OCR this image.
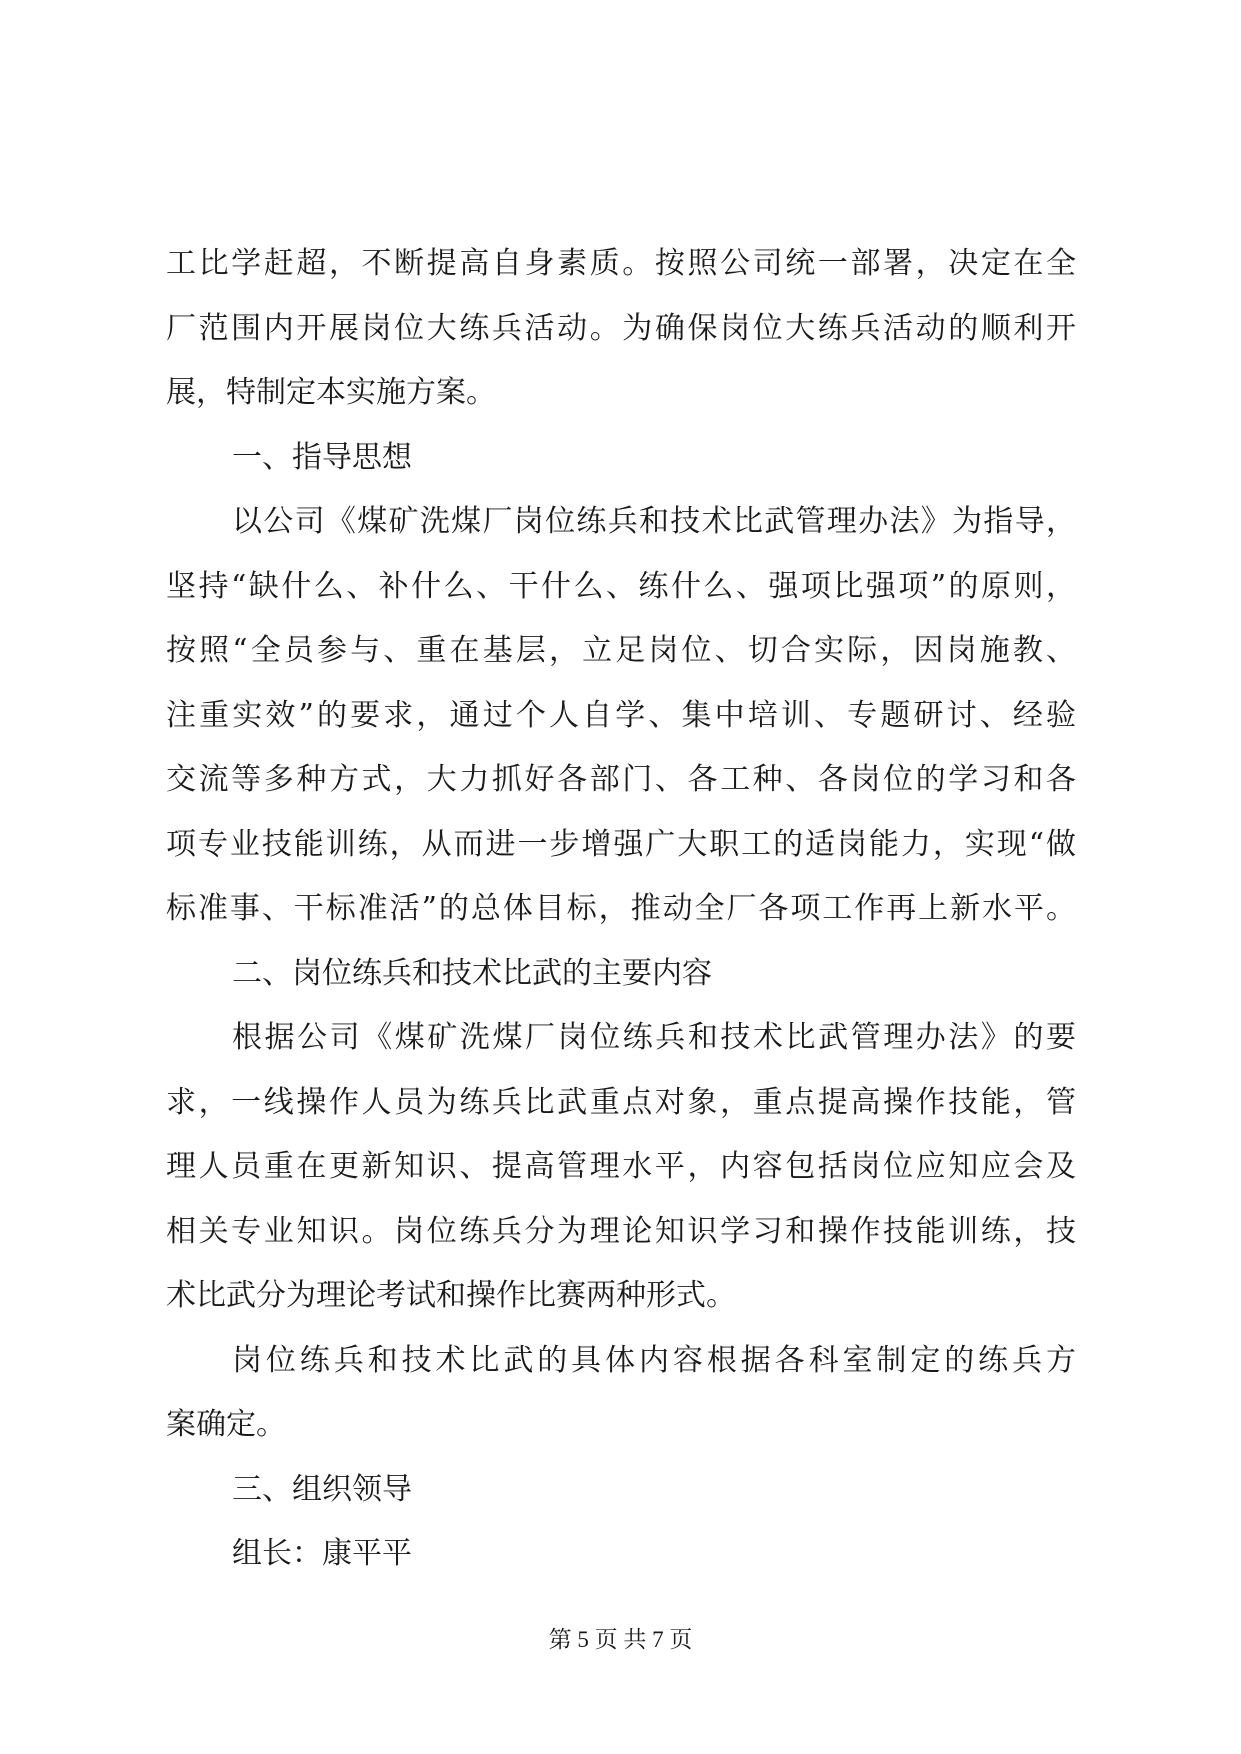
工比学赶超，不断提高自身素质。按照公司统一部署，决定在全
厂范围内开展岗位大练兵活动。为确保岗位大练兵活动的顺利开
展，特制定本实施方案。
一、指导思想
以公司《煤矿洗煤厂岗位练兵和技术比武管理办法》为指导，
坚持“缺什么、补什么、干什么、练什么、强项比强项”的原则，
按照“全员参与、重在基层，立足岗位、切合实际，因岗施教、
注重实效”的要求，通过个人自学、集中培训、专题研讨、经验
交流等多种方式，大力抓好各部门、各工种、各岗位的学习和各
项专业技能训练，从而进一步增强广大职工的适岗能力，实现“做
标准事、干标准活”的总体目标，推动全厂各项工作再上新水平。
二、岗位练兵和技术比武的主要内容
根据公司《煤矿洗煤厂岗位练兵和技术比武管理办法》的要
求，一线操作人员为练兵比武重点对象，重点提高操作技能，管
理人员重在更新知识、提高管理水平，内容包括岗位应知应会及
相关专业知识。岗位练兵分为理论知识学习和操作技能训练，技
术比武分为理论考试和操作比赛两种形式。
岗位练兵和技术比武的具体内容根据各科室制定的练兵方
案确定。
三、组织领导
组长：康平平
第 5 页 共 7 页
